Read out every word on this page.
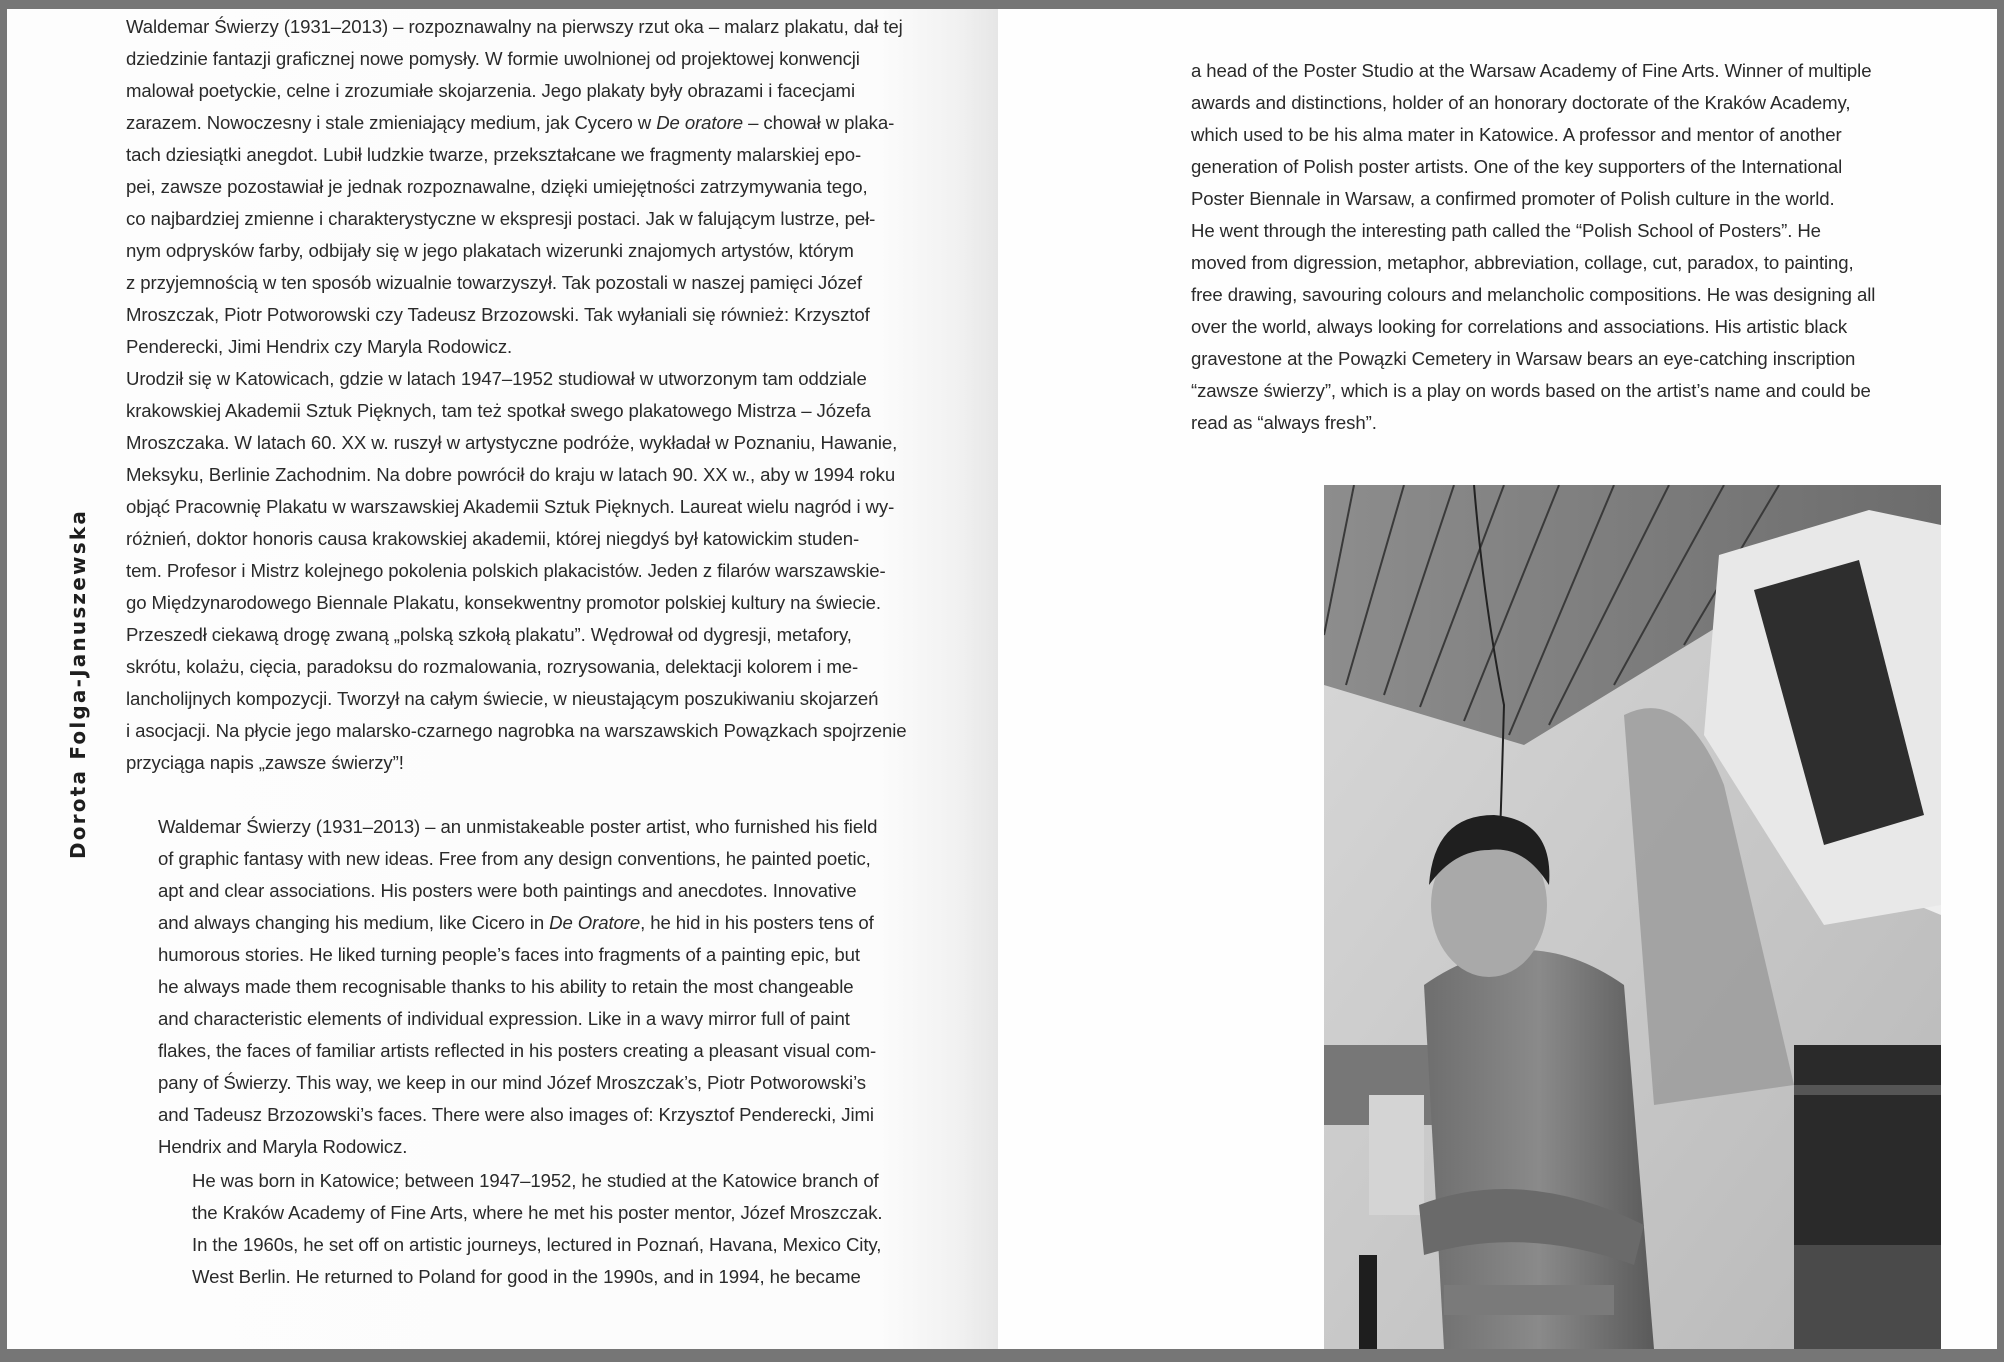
Dorota Folga-Januszewska
Waldemar Świerzy (1931–2013) – rozpoznawalny na pierwszy rzut oka – malarz plakatu, dał tej
dziedzinie fantazji graficznej nowe pomysły. W formie uwolnionej od projektowej konwencji
malował poetyckie, celne i zrozumiałe skojarzenia. Jego plakaty były obrazami i facecjami
zarazem. Nowoczesny i stale zmieniający medium, jak Cycero w De oratore – chował w plaka-
tach dziesiątki anegdot. Lubił ludzkie twarze, przekształcane we fragmenty malarskiej epo-
pei, zawsze pozostawiał je jednak rozpoznawalne, dzięki umiejętności zatrzymywania tego,
co najbardziej zmienne i charakterystyczne w ekspresji postaci. Jak w falującym lustrze, peł-
nym odprysków farby, odbijały się w jego plakatach wizerunki znajomych artystów, którym
z przyjemnością w ten sposób wizualnie towarzyszył. Tak pozostali w naszej pamięci Józef
Mroszczak, Piotr Potworowski czy Tadeusz Brzozowski. Tak wyłaniali się również: Krzysztof
Penderecki, Jimi Hendrix czy Maryla Rodowicz.
Urodził się w Katowicach, gdzie w latach 1947–1952 studiował w utworzonym tam oddziale
krakowskiej Akademii Sztuk Pięknych, tam też spotkał swego plakatowego Mistrza – Józefa
Mroszczaka. W latach 60. XX w. ruszył w artystyczne podróże, wykładał w Poznaniu, Hawanie,
Meksyku, Berlinie Zachodnim. Na dobre powrócił do kraju w latach 90. XX w., aby w 1994 roku
objąć Pracownię Plakatu w warszawskiej Akademii Sztuk Pięknych. Laureat wielu nagród i wy-
różnień, doktor honoris causa krakowskiej akademii, której niegdyś był katowickim studen-
tem. Profesor i Mistrz kolejnego pokolenia polskich plakacistów. Jeden z filarów warszawskie-
go Międzynarodowego Biennale Plakatu, konsekwentny promotor polskiej kultury na świecie.
Przeszedł ciekawą drogę zwaną „polską szkołą plakatu”. Wędrował od dygresji, metafory,
skrótu, kolażu, cięcia, paradoksu do rozmalowania, rozrysowania, delektacji kolorem i me-
lancholijnych kompozycji. Tworzył na całym świecie, w nieustającym poszukiwaniu skojarzeń
i asocjacji. Na płycie jego malarsko-czarnego nagrobka na warszawskich Powązkach spojrzenie
przyciąga napis „zawsze świerzy”!
Waldemar Świerzy (1931–2013) – an unmistakeable poster artist, who furnished his field
of graphic fantasy with new ideas. Free from any design conventions, he painted poetic,
apt and clear associations. His posters were both paintings and anecdotes. Innovative
and always changing his medium, like Cicero in De Oratore, he hid in his posters tens of
humorous stories. He liked turning people’s faces into fragments of a painting epic, but
he always made them recognisable thanks to his ability to retain the most changeable
and characteristic elements of individual expression. Like in a wavy mirror full of paint
flakes, the faces of familiar artists reflected in his posters creating a pleasant visual com-
pany of Świerzy. This way, we keep in our mind Józef Mroszczak’s, Piotr Potworowski’s
and Tadeusz Brzozowski’s faces. There were also images of: Krzysztof Penderecki, Jimi
Hendrix and Maryla Rodowicz.
He was born in Katowice; between 1947–1952, he studied at the Katowice branch of
the Kraków Academy of Fine Arts, where he met his poster mentor, Józef Mroszczak.
In the 1960s, he set off on artistic journeys, lectured in Poznań, Havana, Mexico City,
West Berlin. He returned to Poland for good in the 1990s, and in 1994, he became
a head of the Poster Studio at the Warsaw Academy of Fine Arts. Winner of multiple
awards and distinctions, holder of an honorary doctorate of the Kraków Academy,
which used to be his alma mater in Katowice. A professor and mentor of another
generation of Polish poster artists. One of the key supporters of the International
Poster Biennale in Warsaw, a confirmed promoter of Polish culture in the world.
He went through the interesting path called the “Polish School of Posters”. He
moved from digression, metaphor, abbreviation, collage, cut, paradox, to painting,
free drawing, savouring colours and melancholic compositions. He was designing all
over the world, always looking for correlations and associations. His artistic black
gravestone at the Powązki Cemetery in Warsaw bears an eye-catching inscription
“zawsze świerzy”, which is a play on words based on the artist’s name and could be
read as “always fresh”.
